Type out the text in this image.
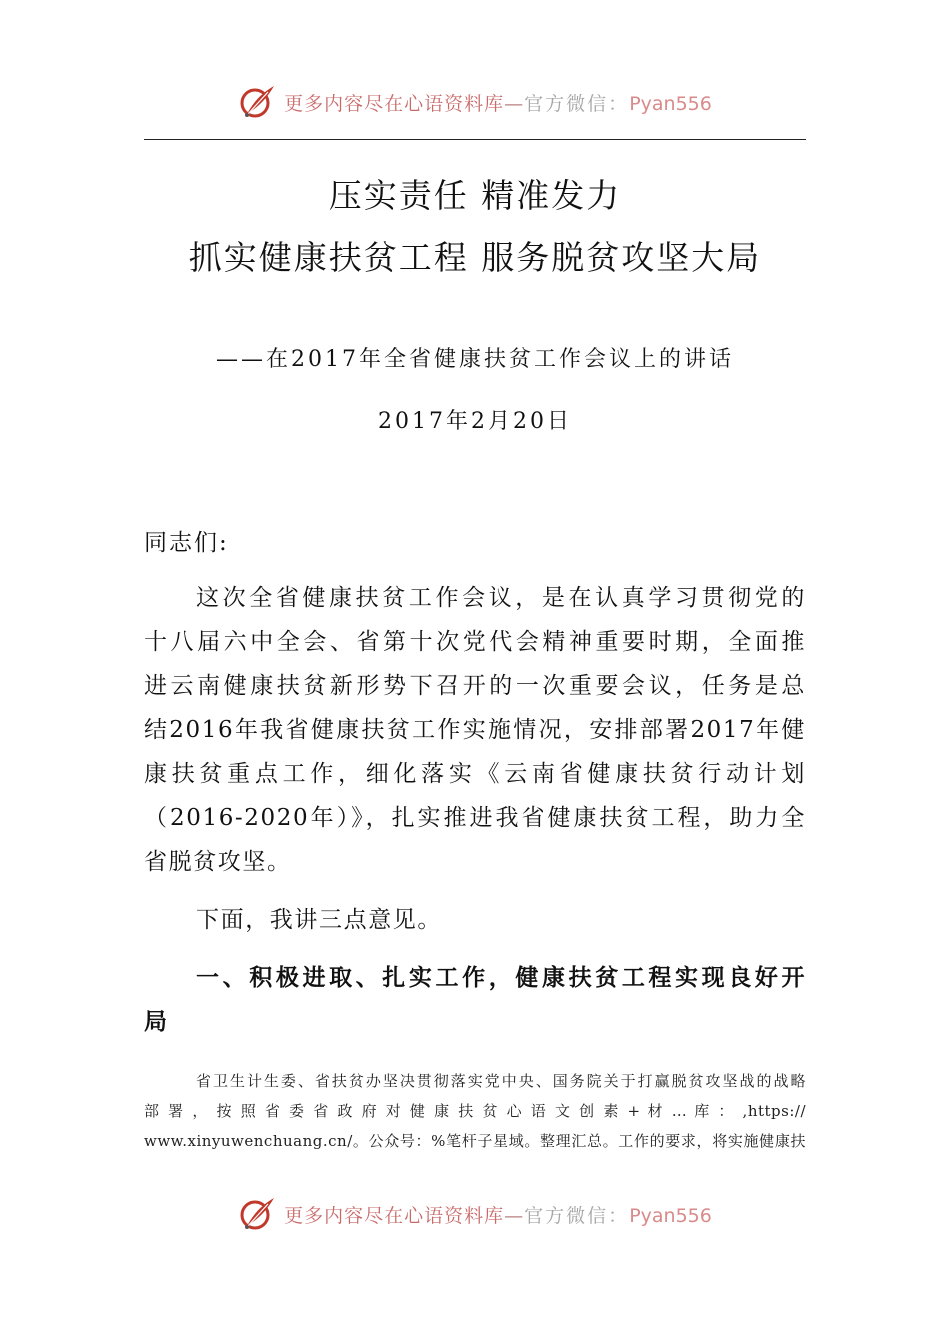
更多内容尽在心语资料库—官方微信：Pyan556
压实责任 精准发力
抓实健康扶贫工程 服务脱贫攻坚大局
——在2017年全省健康扶贫工作会议上的讲话
2017年2月20日
同志们:
这次全省健康扶贫工作会议，是在认真学习贯彻党的
十八届六中全会、省第十次党代会精神重要时期，全面推
进云南健康扶贫新形势下召开的一次重要会议，任务是总
结2016年我省健康扶贫工作实施情况，安排部署2017年健
康扶贫重点工作，细化落实《云南省健康扶贫行动计划
（2016-2020年）》，扎实推进我省健康扶贫工程，助力全
省脱贫攻坚。
下面，我讲三点意见。
一、积极进取、扎实工作，健康扶贫工程实现良好开
局
省卫生计生委、省扶贫办坚决贯彻落实党中央、国务院关于打赢脱贫攻坚战的战略
部 署 ， 按 照 省 委 省 政 府 对 健 康 扶 贫 心 语 文 创 素 + 材 … 库 ： ,https://
www.xinyuwenchuang.cn/。公众号：%笔杆子星域。整理汇总。工作的要求，将实施健康扶
更多内容尽在心语资料库—官方微信：Pyan556
